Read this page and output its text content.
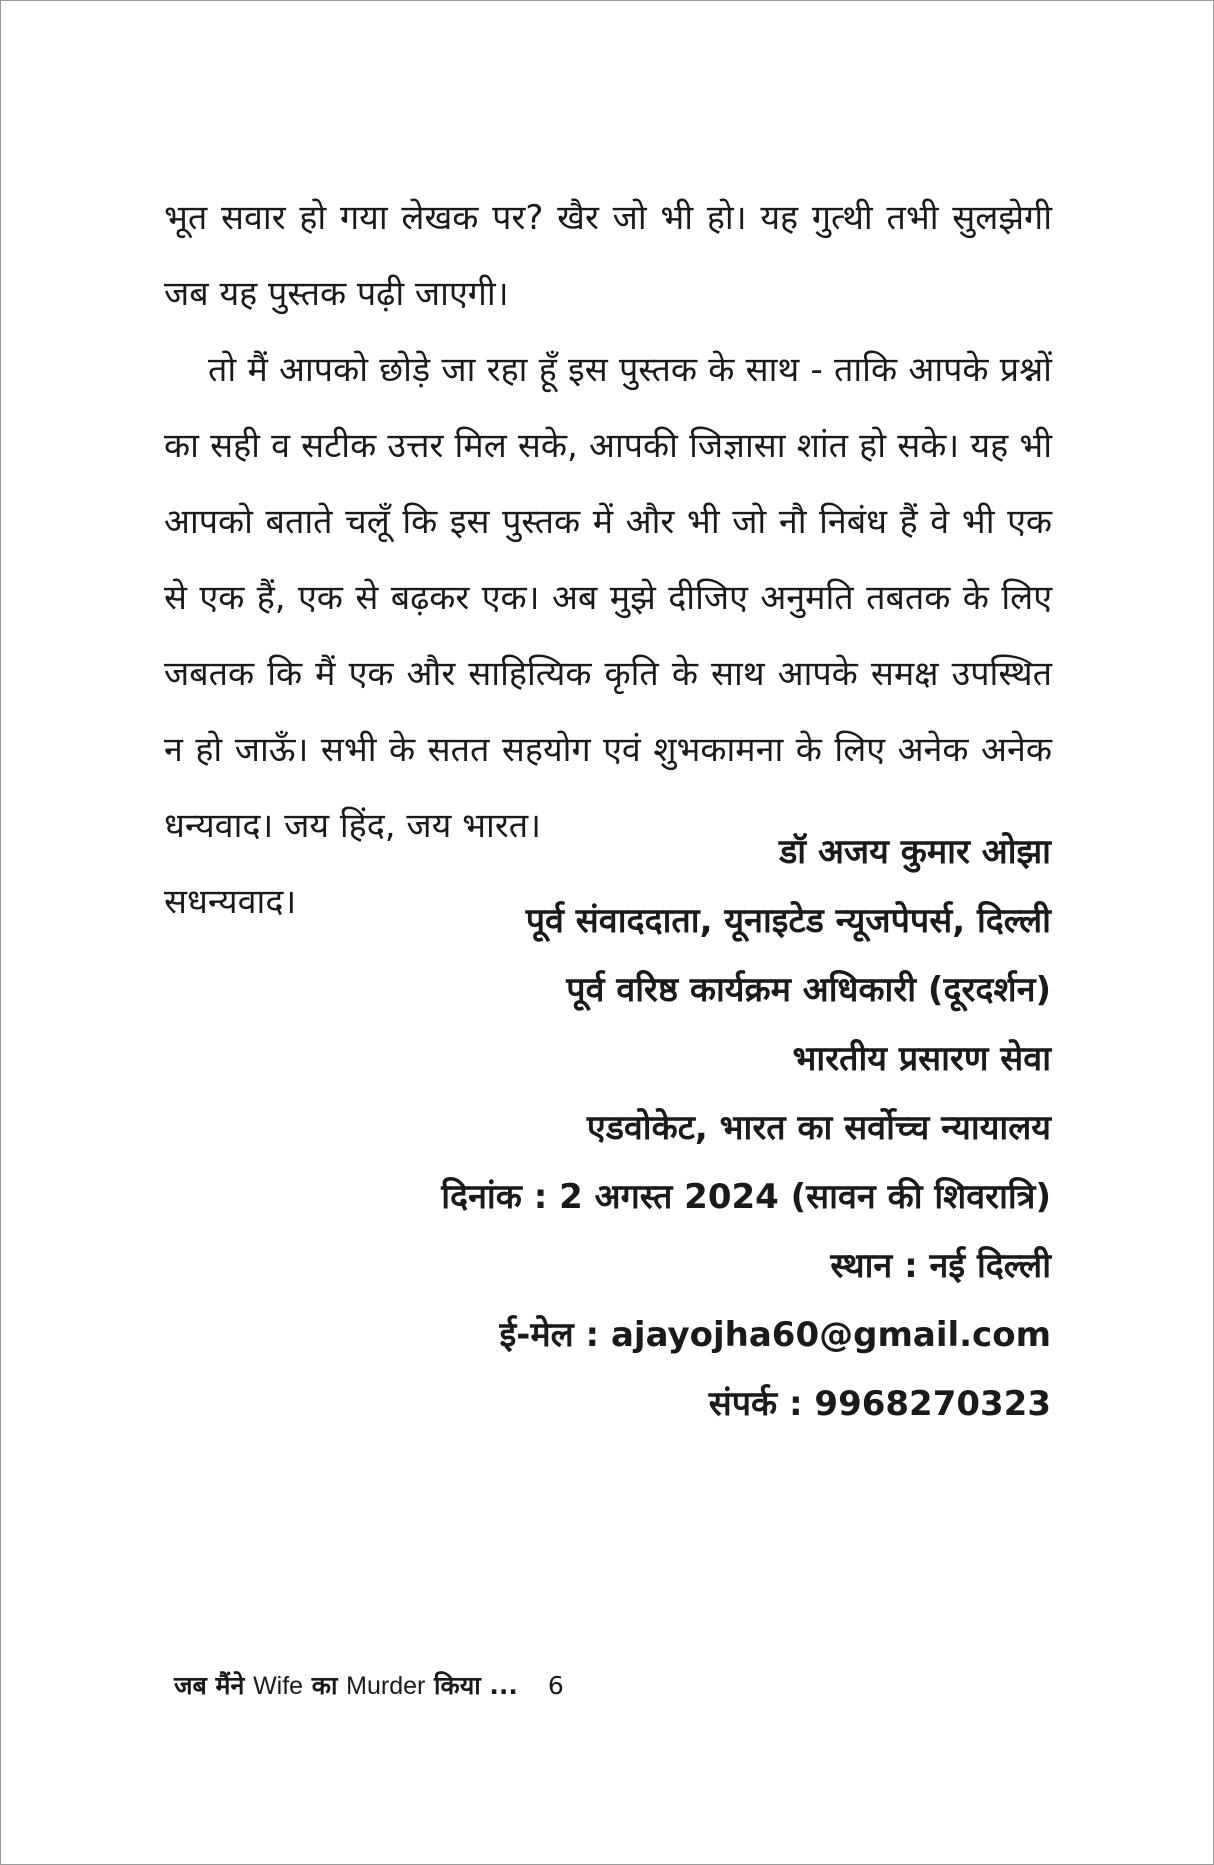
भूत सवार हो गया लेखक पर? खैर जो भी हो। यह गुत्थी तभी सुलझेगी जब यह पुस्तक पढ़ी जाएगी।

तो मैं आपको छोड़े जा रहा हूँ इस पुस्तक के साथ - ताकि आपके प्रश्नों का सही व सटीक उत्तर मिल सके, आपकी जिज्ञासा शांत हो सके। यह भी आपको बताते चलूँ कि इस पुस्तक में और भी जो नौ निबंध हैं वे भी एक से एक हैं, एक से बढ़कर एक। अब मुझे दीजिए अनुमति तबतक के लिए जबतक कि मैं एक और साहित्यिक कृति के साथ आपके समक्ष उपस्थित न हो जाऊँ। सभी के सतत सहयोग एवं शुभकामना के लिए अनेक अनेक धन्यवाद। जय हिंद, जय भारत।

सधन्यवाद।

डॉ अजय कुमार ओझा
पूर्व संवाददाता, यूनाइटेड न्यूजपेपर्स, दिल्ली
पूर्व वरिष्ठ कार्यक्रम अधिकारी (दूरदर्शन)
भारतीय प्रसारण सेवा
एडवोकेट, भारत का सर्वोच्च न्यायालय
दिनांक : 2 अगस्त 2024 (सावन की शिवरात्रि)
स्थान : नई दिल्ली
ई-मेल : ajayojha60@gmail.com
संपर्क : 9968270323
जब मैंने Wife का Murder किया ... 6
